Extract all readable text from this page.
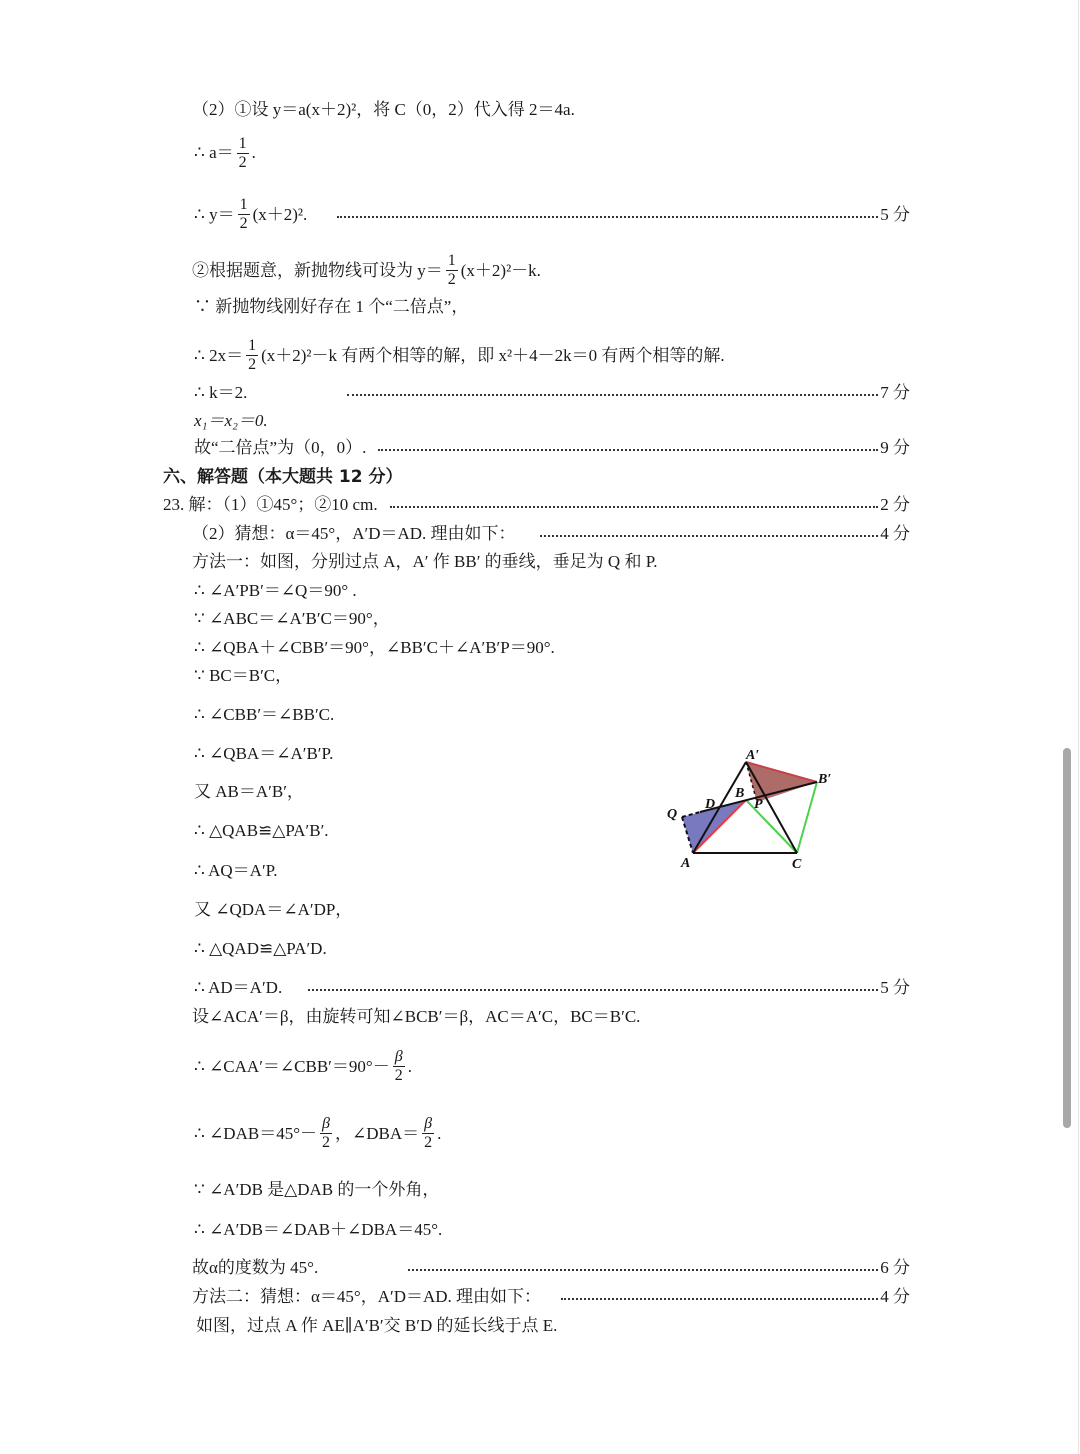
（2）①设 y＝a(x＋2)²，将 C（0，2）代入得 2＝4a.
∴ $a= \frac{1}{2}$ .
∴ $y= \frac{1}{2} (x+2)^2$.	5 分
②根据题意，新抛物线可设为 $y= \frac{1}{2} (x+2)^2-k$.
∵ 新抛物线刚好存在 1 个“二倍点”，
∴ $2x= \frac{1}{2} (x+2)^2-k$ 有两个相等的解，即 x²＋4－2k＝0 有两个相等的解.
∴ k＝2.	7 分
x₁＝x₂＝0.
故“二倍点”为（0，0）.	9 分
六、解答题（本大题共 12 分）
23. 解：（1）①45°；②10 cm.	2 分
（2）猜想：α＝45°，A′D＝AD. 理由如下：	4 分
方法一：如图，分别过点 A，A′ 作 BB′ 的垂线，垂足为 Q 和 P.
∴ ∠A′PB′＝∠Q＝90° .
∵ ∠ABC＝∠A′B′C＝90°，
∴ ∠QBA＋∠CBB′＝90°，∠BB′C＋∠A′B′P＝90°.
∵ BC＝B′C，
∴ ∠CBB′＝∠BB′C.
∴ ∠QBA＝∠A′B′P.
又 AB＝A′B′，
∴ △QAB≌△PA′B′.
∴ AQ＝A′P.
又 ∠QDA＝∠A′DP，
∴ △QAD≌△PA′D.
∴ AD＝A′D.	5 分
设∠ACA′＝β，由旋转可知∠BCB′＝β，AC＝A′C，BC＝B′C.
∴ ∠CAA′＝∠CBB′＝90°－ $\frac{\beta}{2}$ .
∴ ∠DAB＝45°－ $\frac{\beta}{2}$ ，∠DBA＝ $\frac{\beta}{2}$ .
∵ ∠A′DB 是△DAB 的一个外角，
∴ ∠A′DB＝∠DAB＋∠DBA＝45°.
故α的度数为 45°.	6 分
方法二：猜想：α＝45°，A′D＝AD. 理由如下：	4 分
如图，过点 A 作 AE∥A′B′交 B′D 的延长线于点 E.
A′
B′
B
D	P
Q
A	C
